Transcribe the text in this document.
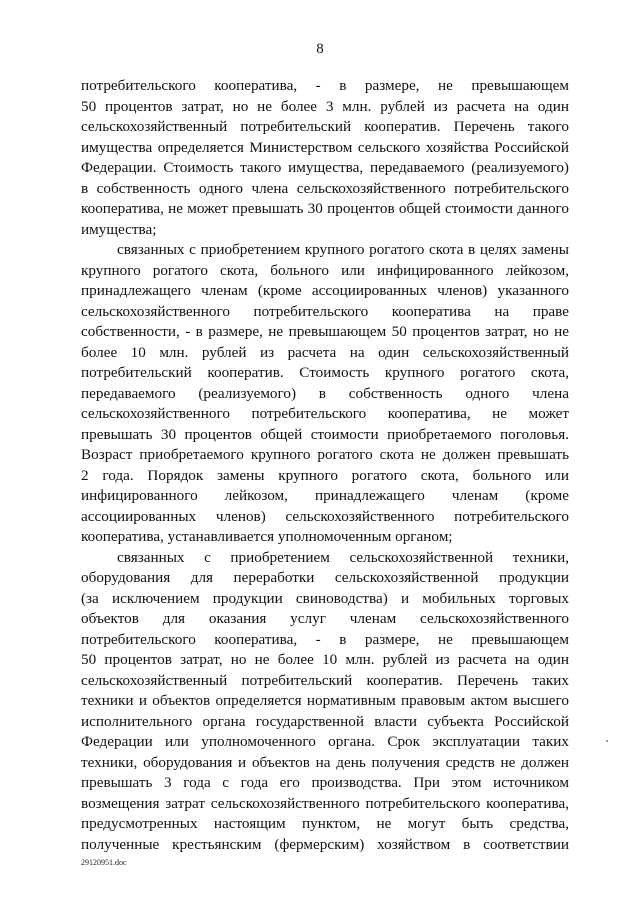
8
потребительского кооператива, - в размере, не превышающем
50 процентов затрат, но не более 3 млн. рублей из расчета на один
сельскохозяйственный потребительский кооператив. Перечень такого
имущества определяется Министерством сельского хозяйства Российской
Федерации. Стоимость такого имущества, передаваемого (реализуемого)
в собственность одного члена сельскохозяйственного потребительского
кооператива, не может превышать 30 процентов общей стоимости данного
имущества;
связанных с приобретением крупного рогатого скота в целях замены
крупного рогатого скота, больного или инфицированного лейкозом,
принадлежащего членам (кроме ассоциированных членов) указанного
сельскохозяйственного потребительского кооператива на праве
собственности, - в размере, не превышающем 50 процентов затрат, но не
более 10 млн. рублей из расчета на один сельскохозяйственный
потребительский кооператив. Стоимость крупного рогатого скота,
передаваемого (реализуемого) в собственность одного члена
сельскохозяйственного потребительского кооператива, не может
превышать 30 процентов общей стоимости приобретаемого поголовья.
Возраст приобретаемого крупного рогатого скота не должен превышать
2 года. Порядок замены крупного рогатого скота, больного или
инфицированного лейкозом, принадлежащего членам (кроме
ассоциированных членов) сельскохозяйственного потребительского
кооператива, устанавливается уполномоченным органом;
связанных с приобретением сельскохозяйственной техники,
оборудования для переработки сельскохозяйственной продукции
(за исключением продукции свиноводства) и мобильных торговых
объектов для оказания услуг членам сельскохозяйственного
потребительского кооператива, - в размере, не превышающем
50 процентов затрат, но не более 10 млн. рублей из расчета на один
сельскохозяйственный потребительский кооператив. Перечень таких
техники и объектов определяется нормативным правовым актом высшего
исполнительного органа государственной власти субъекта Российской
Федерации или уполномоченного органа. Срок эксплуатации таких
техники, оборудования и объектов на день получения средств не должен
превышать 3 года с года его производства. При этом источником
возмещения затрат сельскохозяйственного потребительского кооператива,
предусмотренных настоящим пунктом, не могут быть средства,
полученные крестьянским (фермерским) хозяйством в соответствии
29120951.doc
